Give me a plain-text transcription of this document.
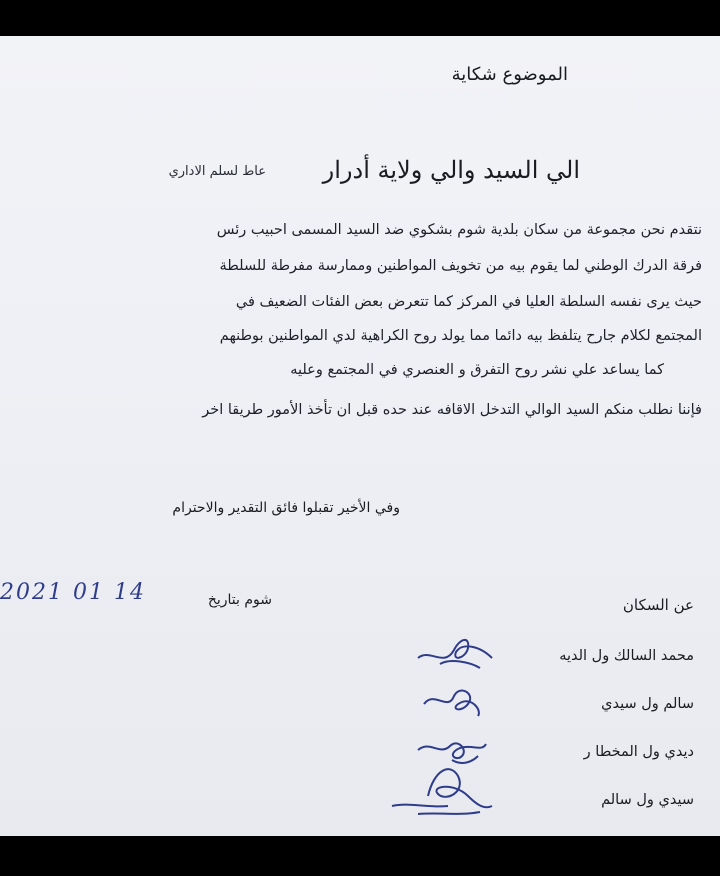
الموضوع شكاية
الي السيد والي ولاية أدرار
عاط لسلم الاداري
نتقدم نحن مجموعة من سكان بلدية شوم بشكوي ضد السيد المسمى احبيب رئس
فرقة الدرك الوطني لما يقوم بيه من تخويف المواطنين وممارسة مفرطة للسلطة
حيث يرى نفسه السلطة العليا في المركز كما تتعرض بعض الفئات الضعيف في
المجتمع لكلام جارح يتلفظ بيه دائما مما يولد روح الكراهية لدي المواطنين بوطنهم
كما يساعد علي نشر روح التفرق و العنصري في المجتمع وعليه
فإننا نطلب منكم السيد الوالي التدخل الاقافه عند حده قبل ان تأخذ الأمور طريقا اخر
وفي الأخير تقبلوا فائق التقدير والاحترام
شوم بتاريخ
2021 01 14	عن السكان
محمد السالك ول الديه
سالم ول سيدي
ديدي ول المخطا ر
سيدي ول سالم
